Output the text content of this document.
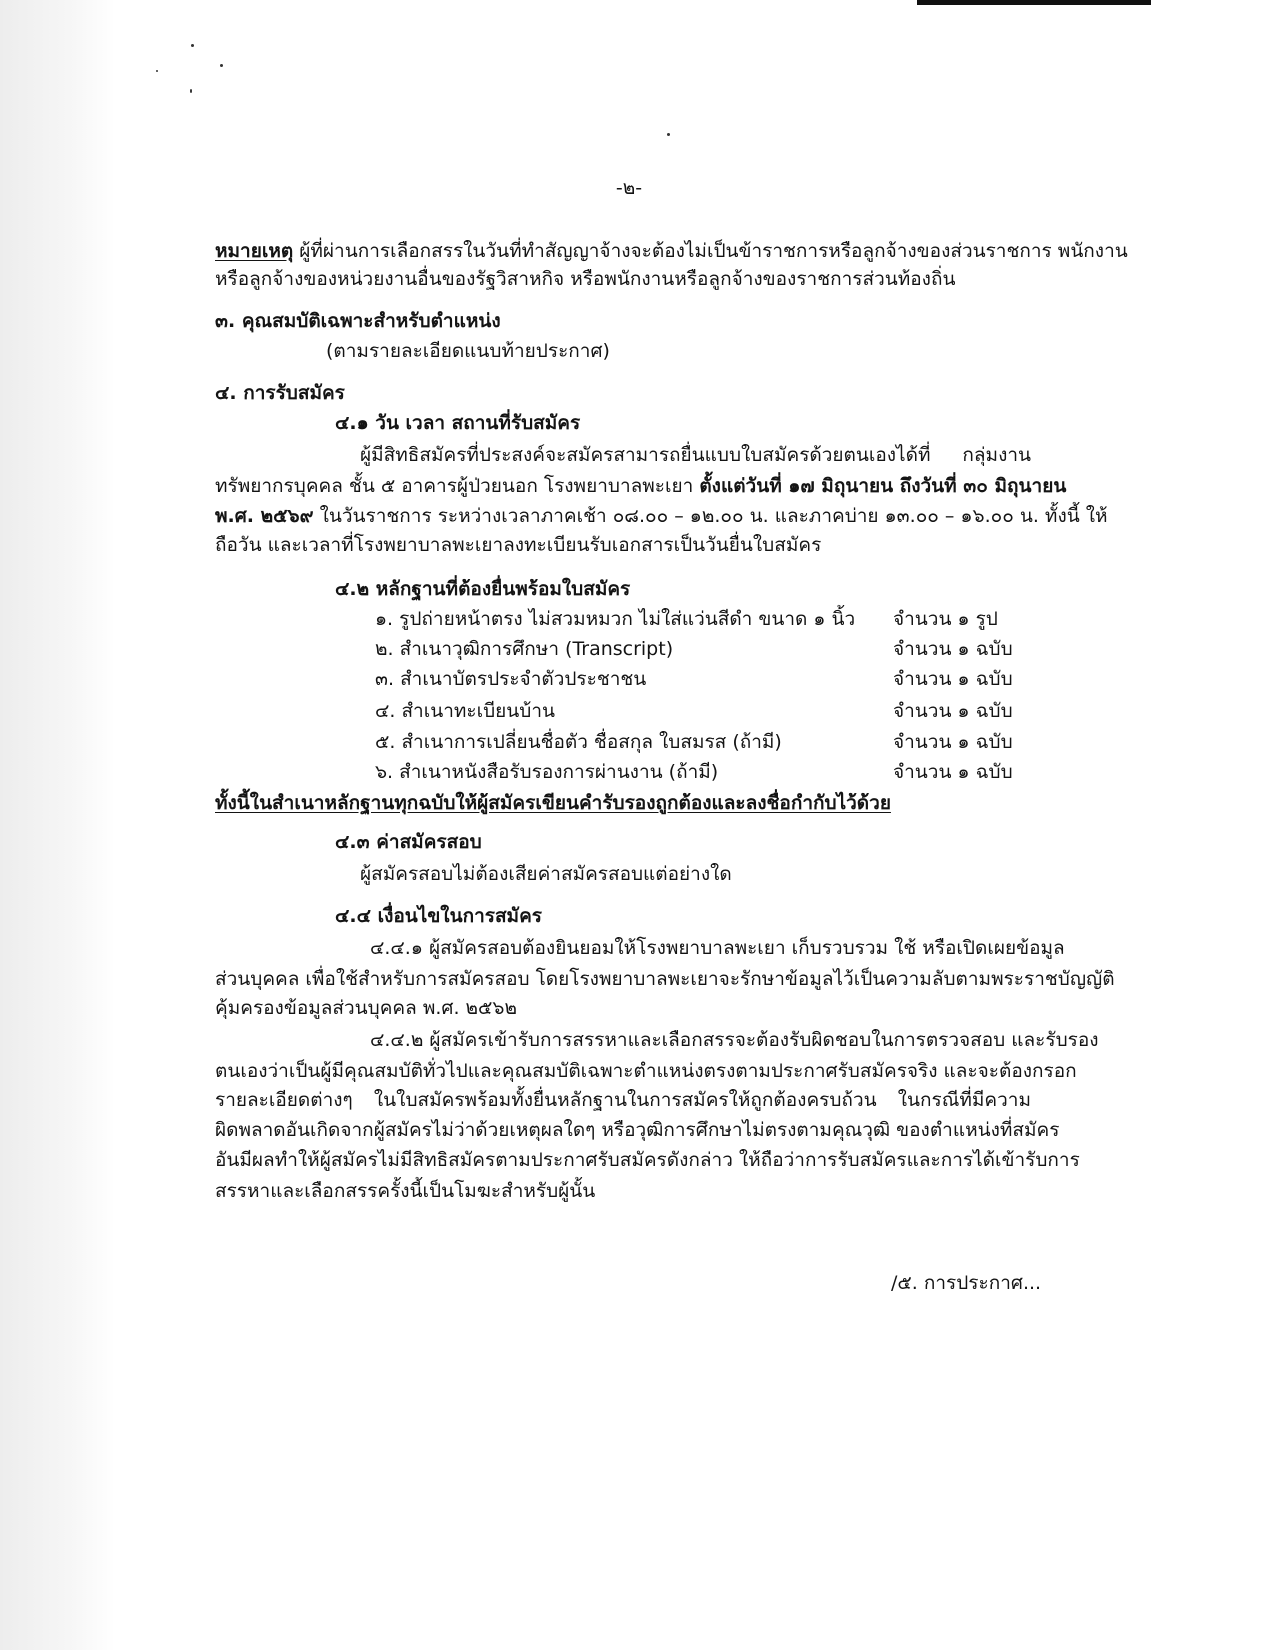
-๒-
หมายเหตุ ผู้ที่ผ่านการเลือกสรรในวันที่ทำสัญญาจ้างจะต้องไม่เป็นข้าราชการหรือลูกจ้างของส่วนราชการ พนักงาน
หรือลูกจ้างของหน่วยงานอื่นของรัฐวิสาหกิจ หรือพนักงานหรือลูกจ้างของราชการส่วนท้องถิ่น
๓. คุณสมบัติเฉพาะสำหรับตำแหน่ง
(ตามรายละเอียดแนบท้ายประกาศ)
๔. การรับสมัคร
๔.๑ วัน เวลา สถานที่รับสมัคร
ผู้มีสิทธิสมัครที่ประสงค์จะสมัครสามารถยื่นแบบใบสมัครด้วยตนเองได้ที่ กลุ่มงาน
ทรัพยากรบุคคล ชั้น ๕ อาคารผู้ป่วยนอก โรงพยาบาลพะเยา ตั้งแต่วันที่ ๑๗ มิถุนายน ถึงวันที่ ๓๐ มิถุนายน
พ.ศ. ๒๕๖๙ ในวันราชการ ระหว่างเวลาภาคเช้า ๐๘.๐๐ – ๑๒.๐๐ น. และภาคบ่าย ๑๓.๐๐ – ๑๖.๐๐ น. ทั้งนี้ ให้
ถือวัน และเวลาที่โรงพยาบาลพะเยาลงทะเบียนรับเอกสารเป็นวันยื่นใบสมัคร
๔.๒ หลักฐานที่ต้องยื่นพร้อมใบสมัคร
๑. รูปถ่ายหน้าตรง ไม่สวมหมวก ไม่ใส่แว่นสีดำ ขนาด ๑ นิ้ว จำนวน ๑ รูป
๒. สำเนาวุฒิการศึกษา (Transcript)	จำนวน ๑ ฉบับ
๓. สำเนาบัตรประจำตัวประชาชน	จำนวน ๑ ฉบับ
๔. สำเนาทะเบียนบ้าน	จำนวน ๑ ฉบับ
๕. สำเนาการเปลี่ยนชื่อตัว ชื่อสกุล ใบสมรส (ถ้ามี)	จำนวน ๑ ฉบับ
๖. สำเนาหนังสือรับรองการผ่านงาน (ถ้ามี)	จำนวน ๑ ฉบับ
ทั้งนี้ในสำเนาหลักฐานทุกฉบับให้ผู้สมัครเขียนคำรับรองถูกต้องและลงชื่อกำกับไว้ด้วย
๔.๓ ค่าสมัครสอบ
ผู้สมัครสอบไม่ต้องเสียค่าสมัครสอบแต่อย่างใด
๔.๔ เงื่อนไขในการสมัคร
๔.๔.๑ ผู้สมัครสอบต้องยินยอมให้โรงพยาบาลพะเยา เก็บรวบรวม ใช้ หรือเปิดเผยข้อมูล
ส่วนบุคคล เพื่อใช้สำหรับการสมัครสอบ โดยโรงพยาบาลพะเยาจะรักษาข้อมูลไว้เป็นความลับตามพระราชบัญญัติ
คุ้มครองข้อมูลส่วนบุคคล พ.ศ. ๒๕๖๒
๔.๔.๒ ผู้สมัครเข้ารับการสรรหาและเลือกสรรจะต้องรับผิดชอบในการตรวจสอบ และรับรอง
ตนเองว่าเป็นผู้มีคุณสมบัติทั่วไปและคุณสมบัติเฉพาะตำแหน่งตรงตามประกาศรับสมัครจริง และจะต้องกรอก
รายละเอียดต่างๆ ในใบสมัครพร้อมทั้งยื่นหลักฐานในการสมัครให้ถูกต้องครบถ้วน ในกรณีที่มีความ
ผิดพลาดอันเกิดจากผู้สมัครไม่ว่าด้วยเหตุผลใดๆ หรือวุฒิการศึกษาไม่ตรงตามคุณวุฒิ ของตำแหน่งที่สมัคร
อันมีผลทำให้ผู้สมัครไม่มีสิทธิสมัครตามประกาศรับสมัครดังกล่าว ให้ถือว่าการรับสมัครและการได้เข้ารับการ
สรรหาและเลือกสรรครั้งนี้เป็นโมฆะสำหรับผู้นั้น
/๕. การประกาศ...
